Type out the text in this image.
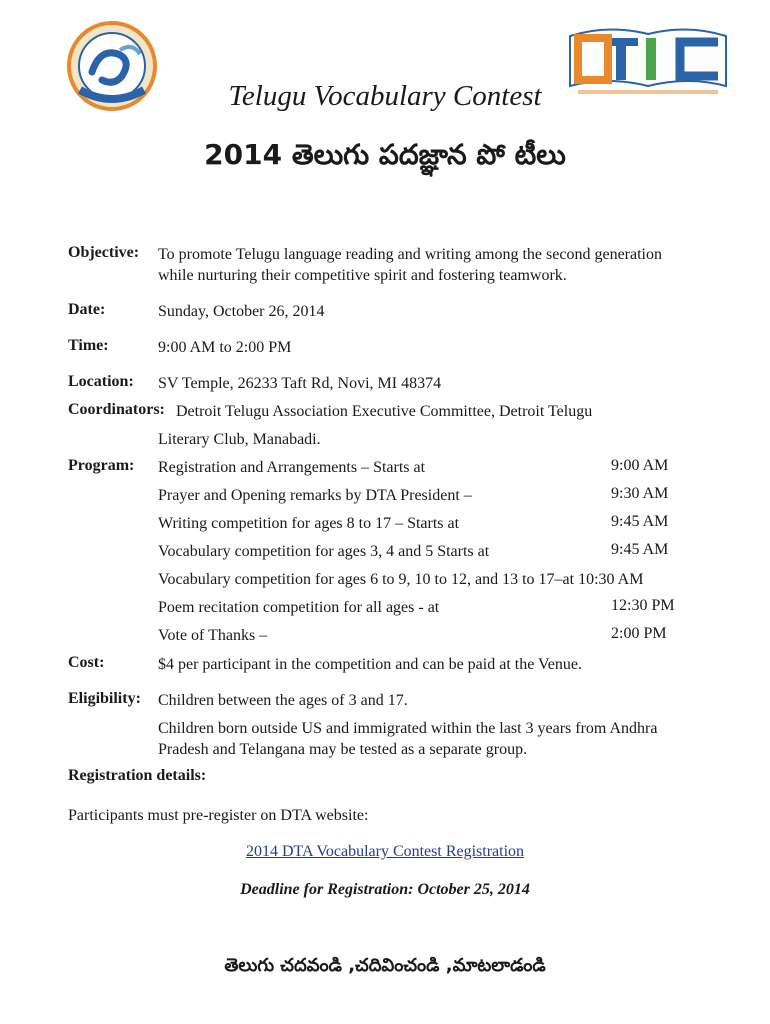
Telugu Vocabulary Contest
2014 తెలుగు పదజ్ఞాన పో టీలు
Objective: To promote Telugu language reading and writing among the second generation
while nurturing their competitive spirit and fostering teamwork.
Date:	Sunday, October 26, 2014
Time:	9:00 AM to 2:00 PM
Location: SV Temple, 26233 Taft Rd, Novi, MI 48374
Coordinators: Detroit Telugu Association Executive Committee, Detroit Telugu
Literary Club, Manabadi.
Program: Registration and Arrangements – Starts at	9:00 AM
Prayer and Opening remarks by DTA President –	9:30 AM
Writing competition for ages 8 to 17 – Starts at	9:45 AM
Vocabulary competition for ages 3, 4 and 5 Starts at	9:45 AM
Vocabulary competition for ages 6 to 9, 10 to 12, and 13 to 17–at 10:30 AM
Poem recitation competition for all ages - at	12:30 PM
Vote of Thanks –	2:00 PM
Cost:	$4 per participant in the competition and can be paid at the Venue.
Eligibility: Children between the ages of 3 and 17.
Children born outside US and immigrated within the last 3 years from Andhra
Pradesh and Telangana may be tested as a separate group.
Registration details:
Participants must pre-register on DTA website:
2014 DTA Vocabulary Contest Registration
Deadline for Registration: October 25, 2014
తెలుగు చదవండి ,చదివించండి ,మాటలాడండి
